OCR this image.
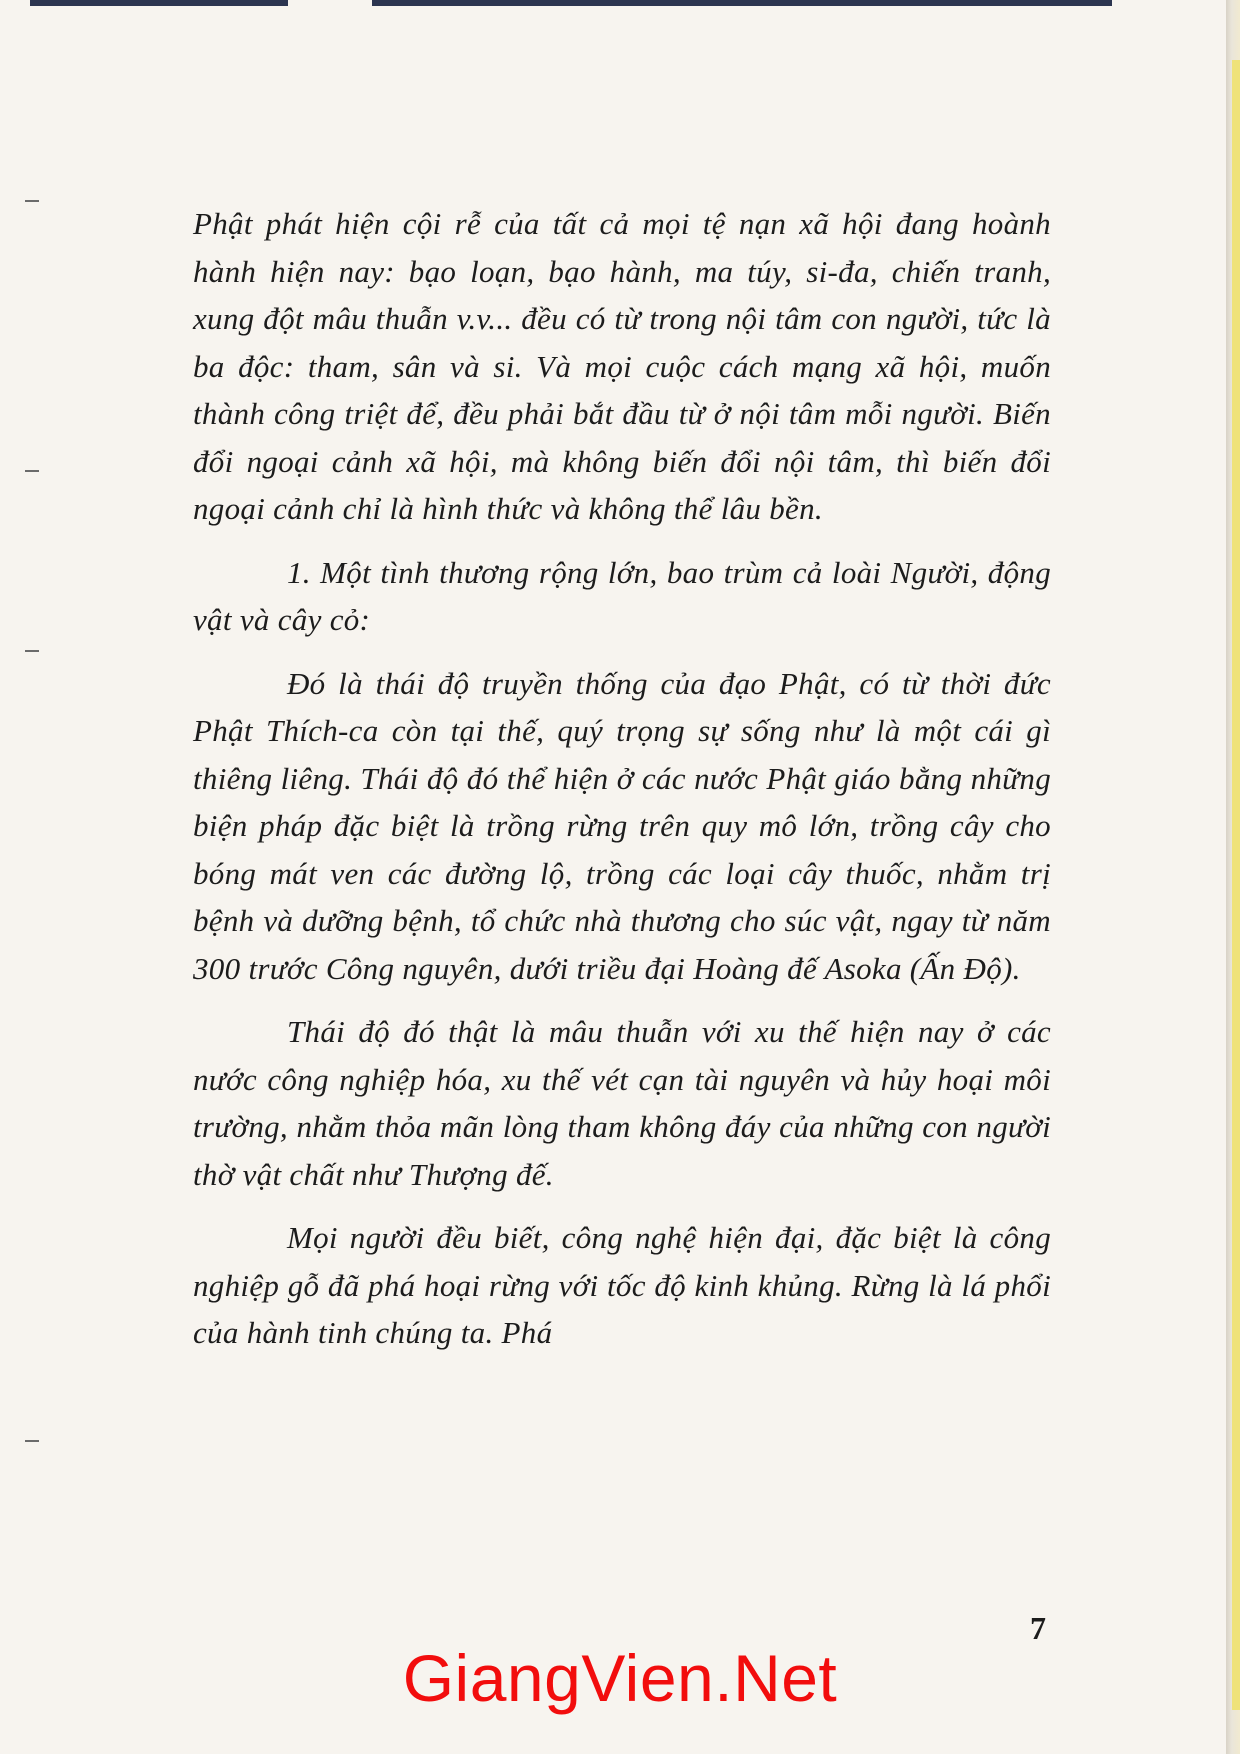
Phật phát hiện cội rễ của tất cả mọi tệ nạn xã hội đang hoành hành hiện nay: bạo loạn, bạo hành, ma túy, si-đa, chiến tranh, xung đột mâu thuẫn v.v... đều có từ trong nội tâm con người, tức là ba độc: tham, sân và si. Và mọi cuộc cách mạng xã hội, muốn thành công triệt để, đều phải bắt đầu từ ở nội tâm mỗi người. Biến đổi ngoại cảnh xã hội, mà không biến đổi nội tâm, thì biến đổi ngoại cảnh chỉ là hình thức và không thể lâu bền.

1. Một tình thương rộng lớn, bao trùm cả loài Người, động vật và cây cỏ:

Đó là thái độ truyền thống của đạo Phật, có từ thời đức Phật Thích-ca còn tại thế, quý trọng sự sống như là một cái gì thiêng liêng. Thái độ đó thể hiện ở các nước Phật giáo bằng những biện pháp đặc biệt là trồng rừng trên quy mô lớn, trồng cây cho bóng mát ven các đường lộ, trồng các loại cây thuốc, nhằm trị bệnh và dưỡng bệnh, tổ chức nhà thương cho súc vật, ngay từ năm 300 trước Công nguyên, dưới triều đại Hoàng đế Asoka (Ấn Độ).

Thái độ đó thật là mâu thuẫn với xu thế hiện nay ở các nước công nghiệp hóa, xu thế vét cạn tài nguyên và hủy hoại môi trường, nhằm thỏa mãn lòng tham không đáy của những con người thờ vật chất như Thượng đế.

Mọi người đều biết, công nghệ hiện đại, đặc biệt là công nghiệp gỗ đã phá hoại rừng với tốc độ kinh khủng. Rừng là lá phổi của hành tinh chúng ta. Phá

7
GiangVien.Net
